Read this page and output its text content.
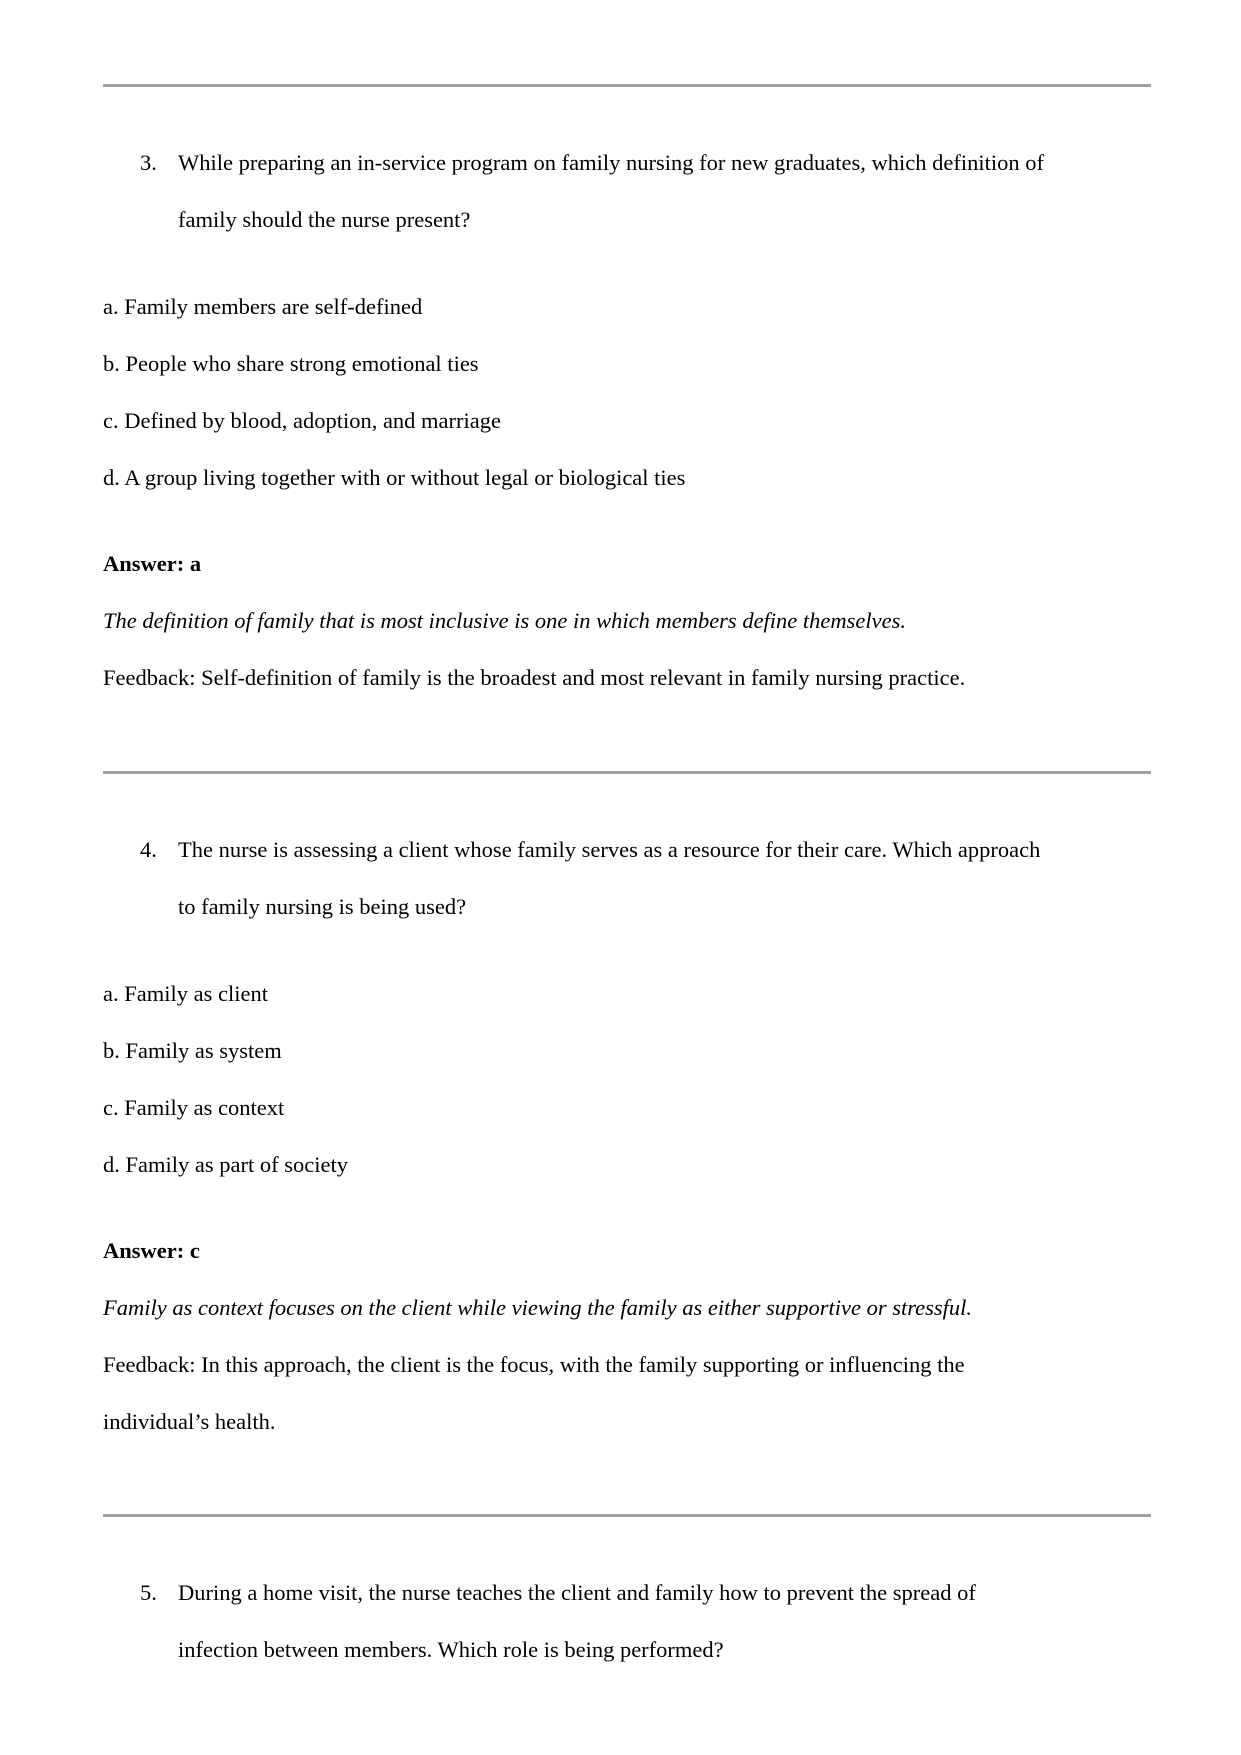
3. While preparing an in-service program on family nursing for new graduates, which definition of
family should the nurse present?
a. Family members are self-defined
b. People who share strong emotional ties
c. Defined by blood, adoption, and marriage
d. A group living together with or without legal or biological ties
Answer: a
The definition of family that is most inclusive is one in which members define themselves.
Feedback: Self-definition of family is the broadest and most relevant in family nursing practice.
4. The nurse is assessing a client whose family serves as a resource for their care. Which approach
to family nursing is being used?
a. Family as client
b. Family as system
c. Family as context
d. Family as part of society
Answer: c
Family as context focuses on the client while viewing the family as either supportive or stressful.
Feedback: In this approach, the client is the focus, with the family supporting or influencing the
individual’s health.
5. During a home visit, the nurse teaches the client and family how to prevent the spread of
infection between members. Which role is being performed?
